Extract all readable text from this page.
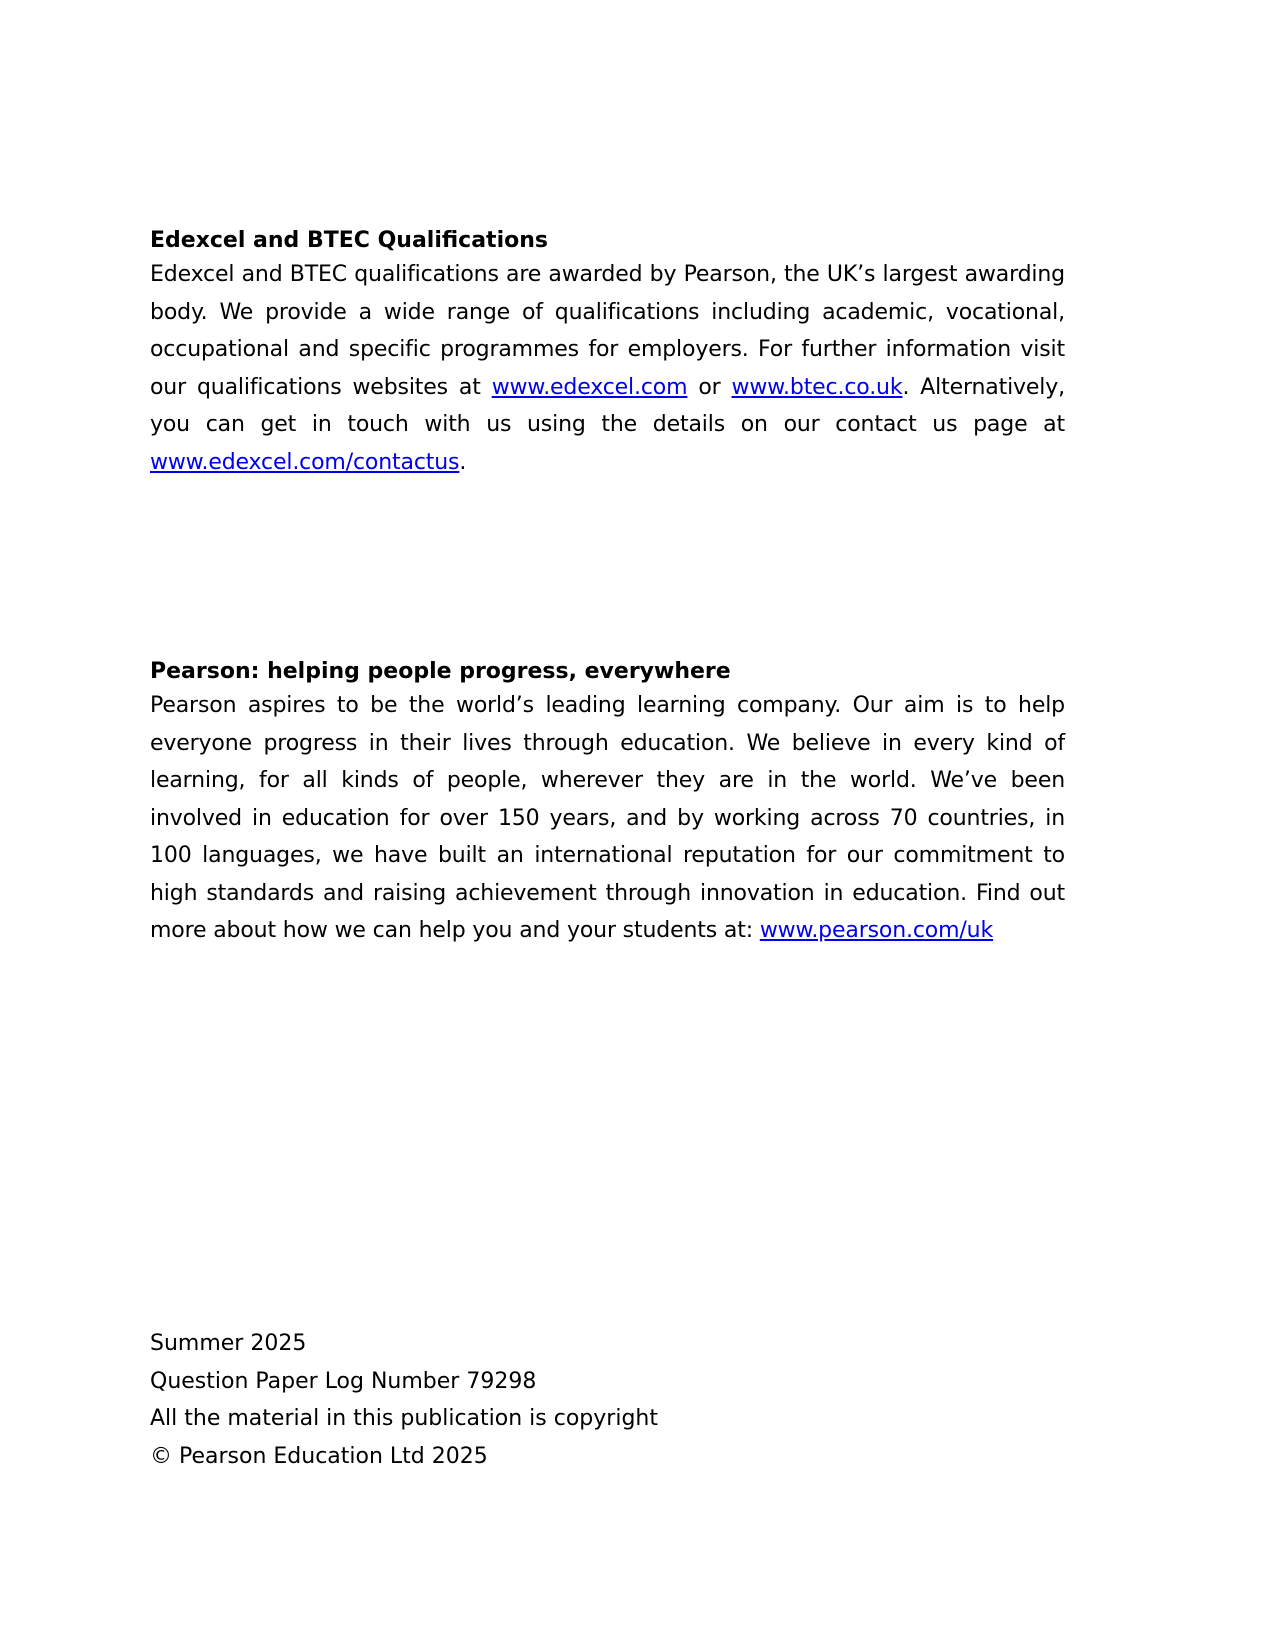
Edexcel and BTEC Qualifications

Edexcel and BTEC qualifications are awarded by Pearson, the UK’s largest awarding body. We provide a wide range of qualifications including academic, vocational, occupational and specific programmes for employers. For further information visit our qualifications websites at www.edexcel.com or www.btec.co.uk. Alternatively, you can get in touch with us using the details on our contact us page at www.edexcel.com/contactus.

Pearson: helping people progress, everywhere

Pearson aspires to be the world’s leading learning company. Our aim is to help everyone progress in their lives through education. We believe in every kind of learning, for all kinds of people, wherever they are in the world. We’ve been involved in education for over 150 years, and by working across 70 countries, in 100 languages, we have built an international reputation for our commitment to high standards and raising achievement through innovation in education. Find out more about how we can help you and your students at: www.pearson.com/uk

Summer 2025

Question Paper Log Number 79298

All the material in this publication is copyright

© Pearson Education Ltd 2025
